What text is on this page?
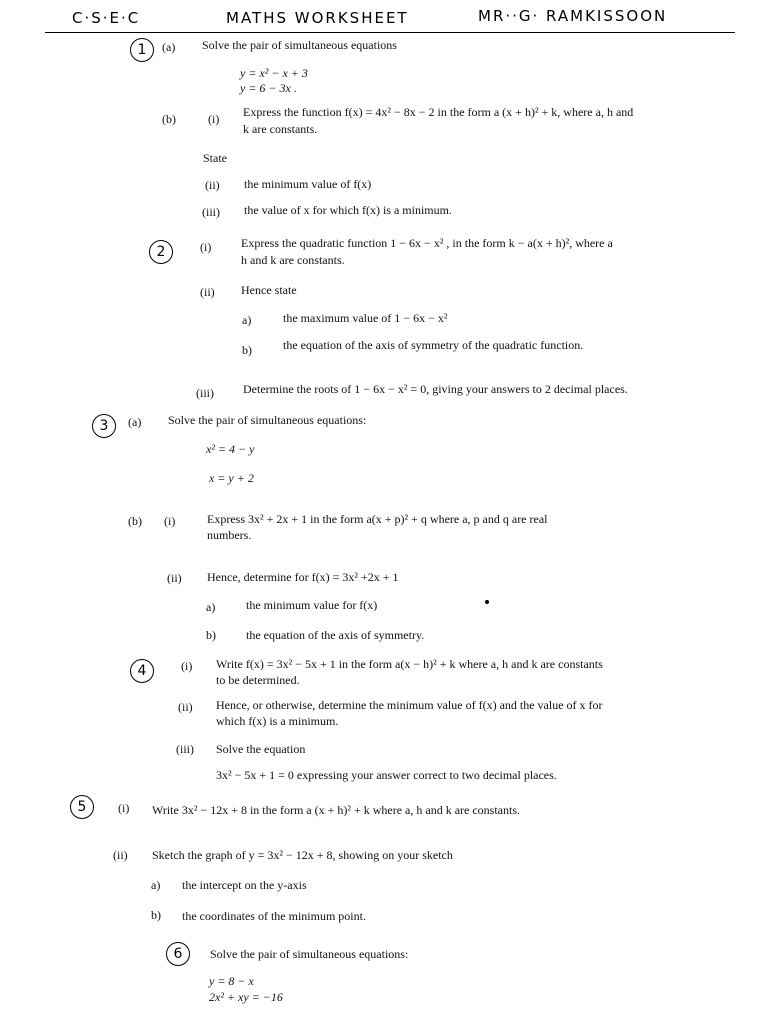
C·S·E·C	MATHS WORKSHEET	MR··G· RAMKISSOON
1	(a) Solve the pair of simultaneous equations
y = x² − x + 3
y = 6 − 3x .
(b)	(i) Express the function f(x) = 4x² − 8x − 2 in the form a (x + h)² + k, where a, h and
k are constants.
State
(ii) the minimum value of f(x)
(iii) the value of x for which f(x) is a minimum.
2	(i) Express the quadratic function 1 − 6x − x² , in the form k − a(x + h)², where a
h and k are constants.
(ii) Hence state
a)	the maximum value of 1 − 6x − x²
b)	the equation of the axis of symmetry of the quadratic function.
(iii) Determine the roots of 1 − 6x − x² = 0, giving your answers to 2 decimal places.
3	(a) Solve the pair of simultaneous equations:
x² = 4 − y
x = y + 2
(b) (i)	Express 3x² + 2x + 1 in the form a(x + p)² + q where a, p and q are real
numbers.
(ii) Hence, determine for f(x) = 3x² +2x + 1
a)	the minimum value for f(x)
b)	the equation of the axis of symmetry.
4	(i) Write f(x) = 3x² − 5x + 1 in the form a(x − h)² + k where a, h and k are constants
to be determined.
(ii) Hence, or otherwise, determine the minimum value of f(x) and the value of x for
which f(x) is a minimum.
(iii) Solve the equation
3x² − 5x + 1 = 0 expressing your answer correct to two decimal places.
5	(i) Write 3x² − 12x + 8 in the form a (x + h)² + k where a, h and k are constants.
(ii) Sketch the graph of y = 3x² − 12x + 8, showing on your sketch
a) the intercept on the y-axis
b) the coordinates of the minimum point.
6	Solve the pair of simultaneous equations:
y = 8 − x
2x² + xy = −16
